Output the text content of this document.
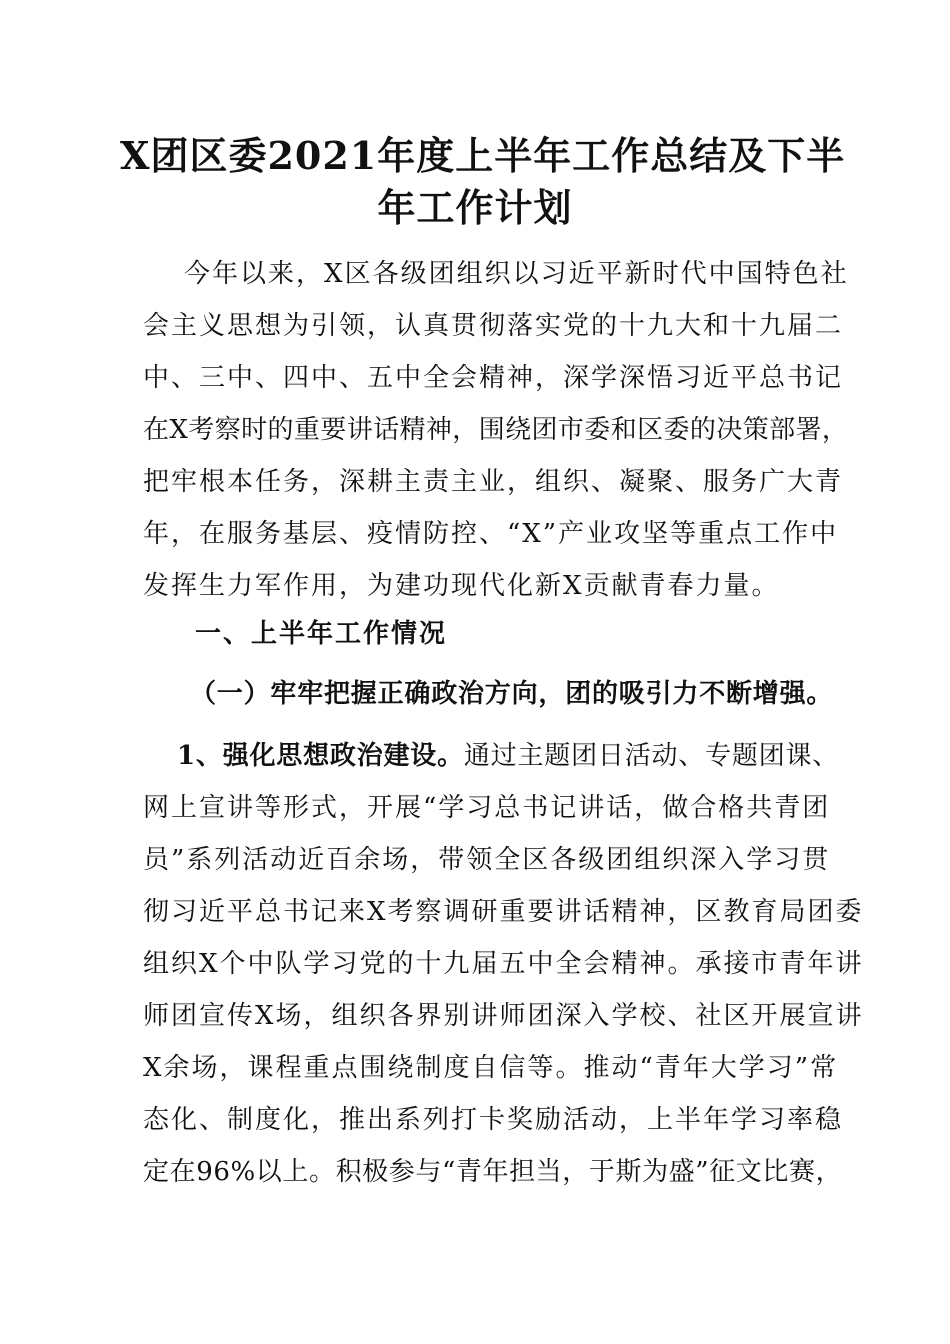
X团区委2021年度上半年工作总结及下半
年工作计划
今年以来，X区各级团组织以习近平新时代中国特色社
会主义思想为引领，认真贯彻落实党的十九大和十九届二
中、三中、四中、五中全会精神，深学深悟习近平总书记
在X考察时的重要讲话精神，围绕团市委和区委的决策部署，
把牢根本任务，深耕主责主业，组织、凝聚、服务广大青
年，在服务基层、疫情防控、“X”产业攻坚等重点工作中
发挥生力军作用，为建功现代化新X贡献青春力量。
一、上半年工作情况
（一）牢牢把握正确政治方向，团的吸引力不断增强。
1、强化思想政治建设。通过主题团日活动、专题团课、
网上宣讲等形式，开展“学习总书记讲话，做合格共青团
员”系列活动近百余场，带领全区各级团组织深入学习贯
彻习近平总书记来X考察调研重要讲话精神，区教育局团委
组织X个中队学习党的十九届五中全会精神。承接市青年讲
师团宣传X场，组织各界别讲师团深入学校、社区开展宣讲
X余场，课程重点围绕制度自信等。推动“青年大学习”常
态化、制度化，推出系列打卡奖励活动，上半年学习率稳
定在96%以上。积极参与“青年担当，于斯为盛”征文比赛，
